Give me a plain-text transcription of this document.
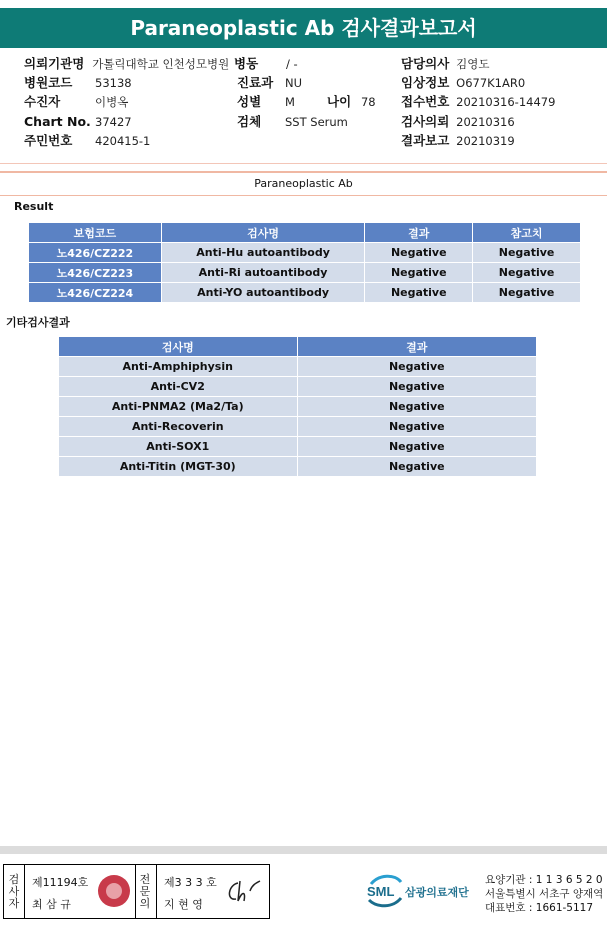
Paraneoplastic Ab 검사결과보고서
의뢰기관명 가톨릭대학교 인천성모병원 병동 / -	담당의사 김영도
병원코드 53138	진료과 NU	임상정보 O677K1AR0
수진자	이병옥	성별 M	나이 78 접수번호 20210316-14479
Chart No. 37427	검체 SST Serum	검사의뢰 20210316
주민번호 420415-1	결과보고 20210319
Paraneoplastic Ab
Result
보험코드	검사명	결과	참고치
노426/CZ222	Anti-Hu autoantibody	Negative	Negative
노426/CZ223	Anti-Ri autoantibody	Negative	Negative
노426/CZ224	Anti-YO autoantibody	Negative	Negative
기타검사결과
검사명	결과
Anti-Amphiphysin	Negative
Anti-CV2	Negative
Anti-PNMA2 (Ma2/Ta)	Negative
Anti-Recoverin	Negative
Anti-SOX1	Negative
Anti-Titin (MGT-30)	Negative
검사자
제11194호
최 삼 규
전문의
제3 3 3 호
지 현 영
SML 삼광의료재단
요양기관 : 1 1 3 6 5 2 0
서울특별시 서초구 양재역
대표번호 : 1661-5117
